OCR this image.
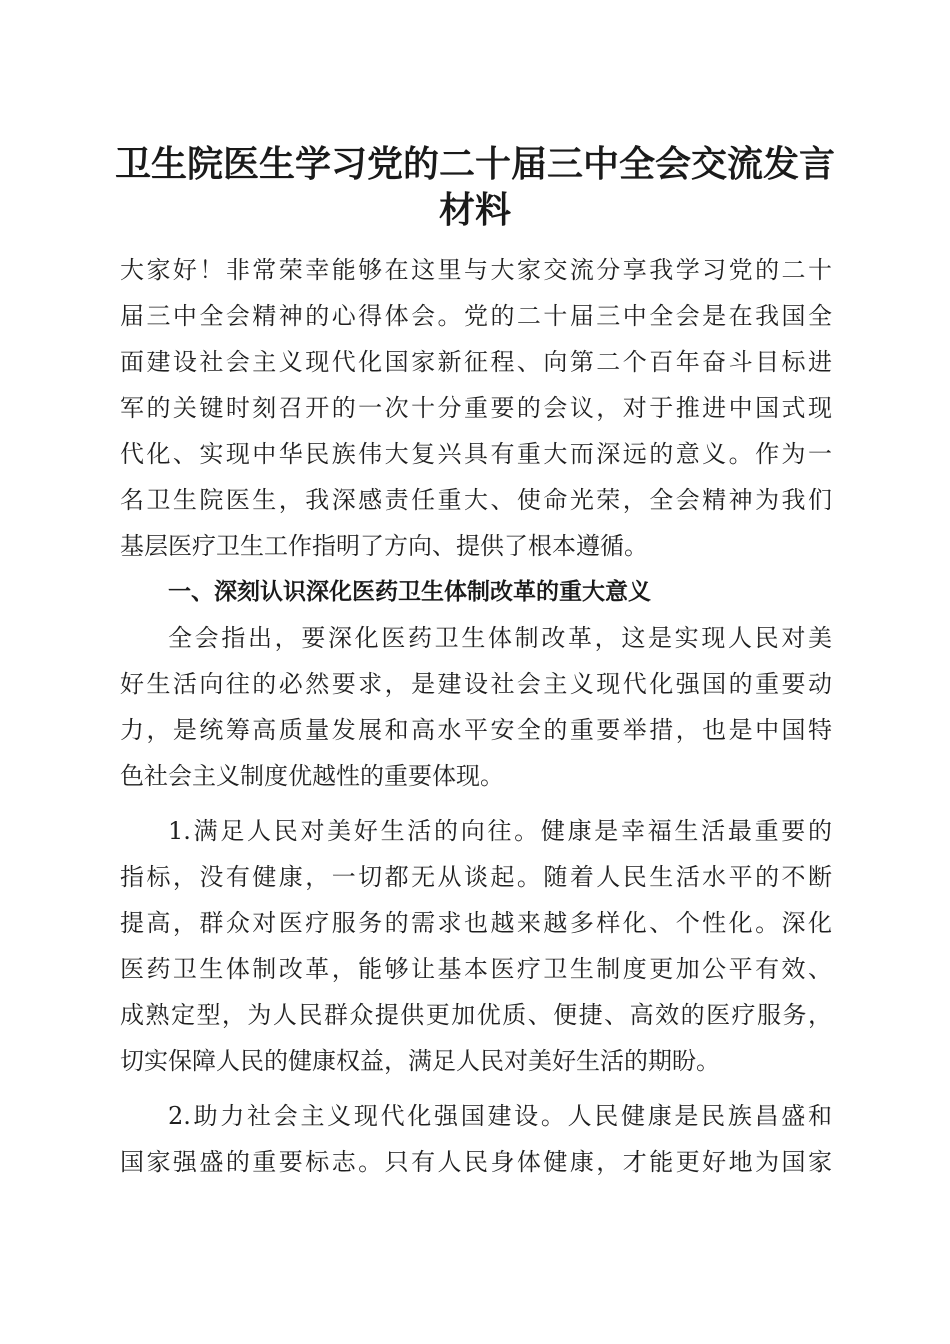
卫生院医生学习党的二十届三中全会交流发言
材料
大家好！非常荣幸能够在这里与大家交流分享我学习党的二十
届三中全会精神的心得体会。党的二十届三中全会是在我国全
面建设社会主义现代化国家新征程、向第二个百年奋斗目标进
军的关键时刻召开的一次十分重要的会议，对于推进中国式现
代化、实现中华民族伟大复兴具有重大而深远的意义。作为一
名卫生院医生，我深感责任重大、使命光荣，全会精神为我们
基层医疗卫生工作指明了方向、提供了根本遵循。
一、深刻认识深化医药卫生体制改革的重大意义
全会指出，要深化医药卫生体制改革，这是实现人民对美
好生活向往的必然要求，是建设社会主义现代化强国的重要动
力，是统筹高质量发展和高水平安全的重要举措，也是中国特
色社会主义制度优越性的重要体现。
1.满足人民对美好生活的向往。健康是幸福生活最重要的
指标，没有健康，一切都无从谈起。随着人民生活水平的不断
提高，群众对医疗服务的需求也越来越多样化、个性化。深化
医药卫生体制改革，能够让基本医疗卫生制度更加公平有效、
成熟定型，为人民群众提供更加优质、便捷、高效的医疗服务，
切实保障人民的健康权益，满足人民对美好生活的期盼。
2.助力社会主义现代化强国建设。人民健康是民族昌盛和
国家强盛的重要标志。只有人民身体健康，才能更好地为国家
